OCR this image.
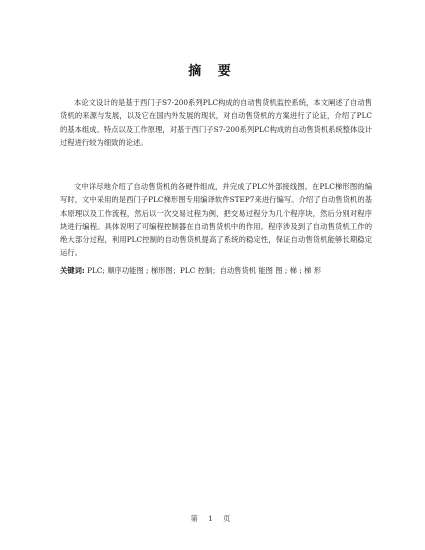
摘 要
本论文设计的是基于西门子S7-200系列PLC构成的自动售货机监控系统，本文阐述了自动售货机的来源与发展，以及它在国内外发展的现状，对自动售货机的方案进行了论证，介绍了PLC的基本组成、特点以及工作原理，对基于西门子S7-200系列PLC构成的自动售货机系统整体设计过程进行较为细致的论述。
文中详尽地介绍了自动售货机的各硬件组成，并完成了PLC外部接线图。在PLC梯形图的编写时，文中采用的是西门子PLC梯形图专用编译软件STEP7来进行编写。介绍了自动售货机的基本原理以及工作流程，然后以一次交易过程为例，把交易过程分为几个程序块，然后分别对程序块进行编程。具体说明了可编程控制器在自动售货机中的作用。程序涉及到了自动售货机工作的绝大部分过程，利用PLC控制的自动售货机提高了系统的稳定性，保证自动售货机能够长期稳定运行。
关键词: PLC; 顺序功能图 ; 梯形图；PLC 控制；自动售货机 能图 图 ; 梯 ; 梯 形
第 1 页
